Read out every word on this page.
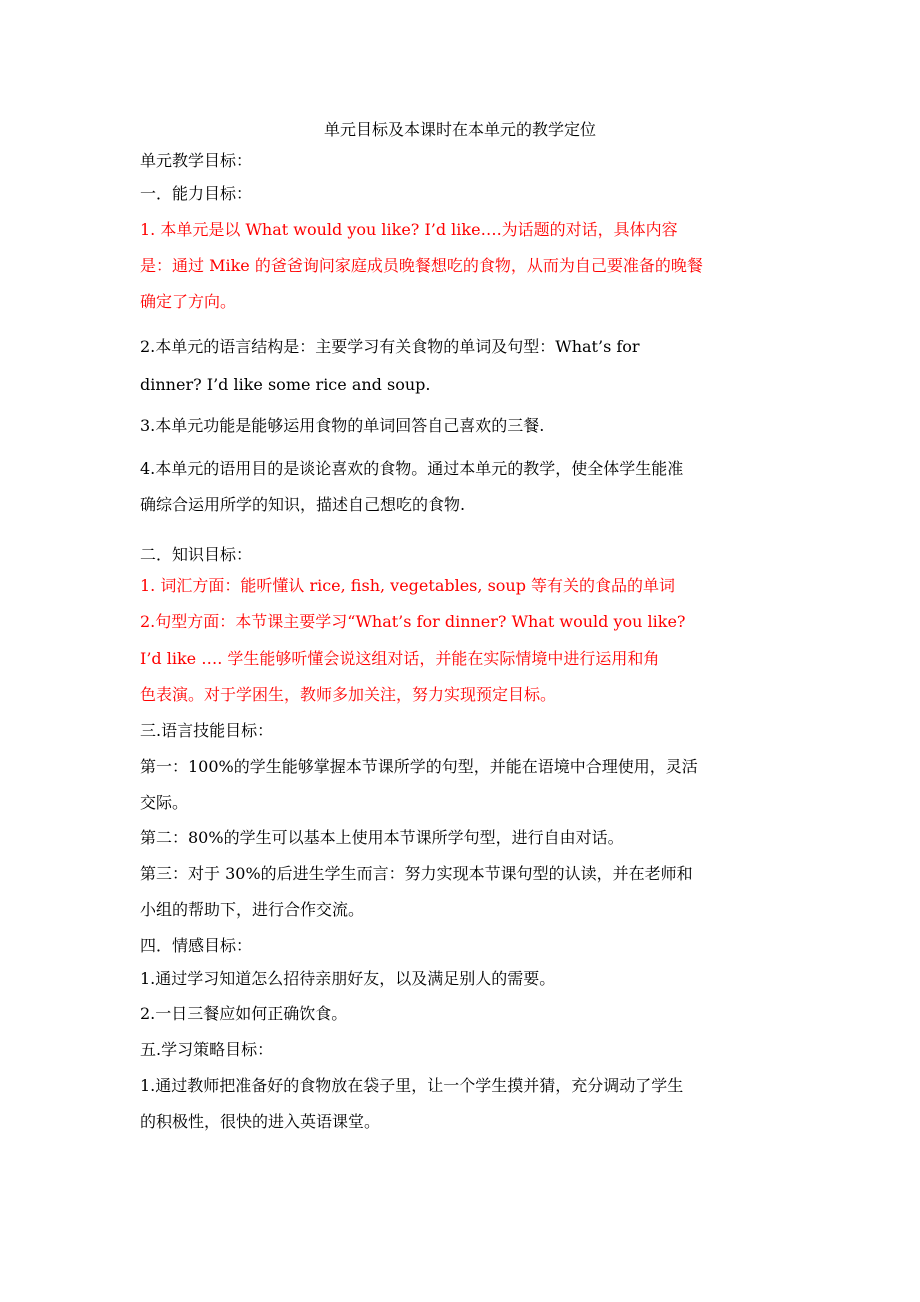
单元目标及本课时在本单元的教学定位
单元教学目标：
一．能力目标：
1. 本单元是以 What would you like? I’d like….为话题的对话，具体内容
是：通过 Mike 的爸爸询问家庭成员晚餐想吃的食物，从而为自己要准备的晚餐
确定了方向。
2.本单元的语言结构是：主要学习有关食物的单词及句型：What’s for
dinner? I’d like some rice and soup.
3.本单元功能是能够运用食物的单词回答自己喜欢的三餐.
4.本单元的语用目的是谈论喜欢的食物。通过本单元的教学，使全体学生能准
确综合运用所学的知识，描述自己想吃的食物.
二．知识目标：
1. 词汇方面：能听懂认 rice, fish, vegetables, soup 等有关的食品的单词
2.句型方面：本节课主要学习“What’s for dinner? What would you like?
I’d like …. 学生能够听懂会说这组对话，并能在实际情境中进行运用和角
色表演。对于学困生，教师多加关注，努力实现预定目标。
三.语言技能目标：
第一：100%的学生能够掌握本节课所学的句型，并能在语境中合理使用，灵活
交际。
第二：80%的学生可以基本上使用本节课所学句型，进行自由对话。
第三：对于 30%的后进生学生而言：努力实现本节课句型的认读，并在老师和
小组的帮助下，进行合作交流。
四．情感目标：
1.通过学习知道怎么招待亲朋好友，以及满足别人的需要。
2.一日三餐应如何正确饮食。
五.学习策略目标：
1.通过教师把准备好的食物放在袋子里，让一个学生摸并猜，充分调动了学生
的积极性，很快的进入英语课堂。
